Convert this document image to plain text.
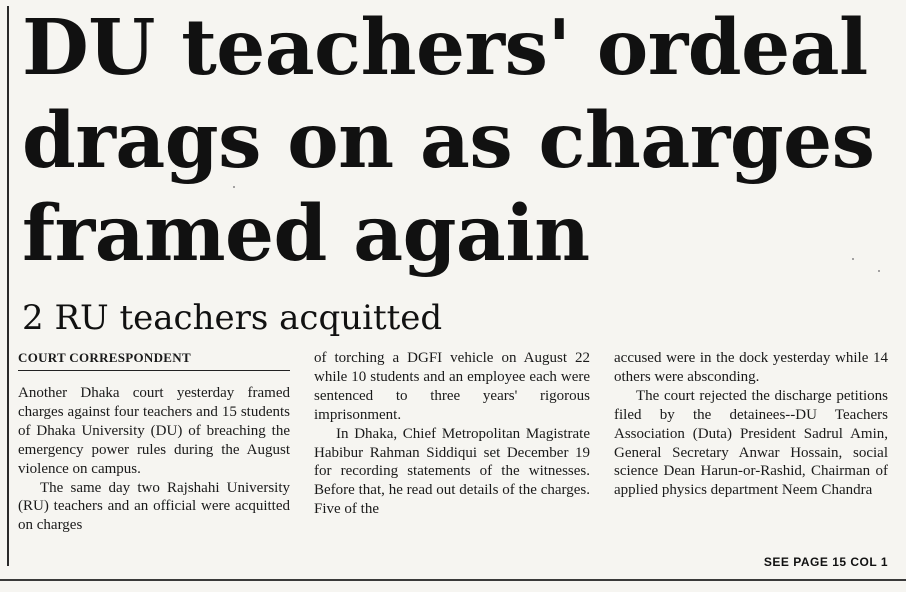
DU teachers' ordeal
drags on as charges
framed again
2 RU teachers acquitted

COURT CORRESPONDENT

Another Dhaka court yesterday framed charges against four teachers and 15 students of Dhaka University (DU) of breaching the emergency power rules during the August violence on campus.

The same day two Rajshahi University (RU) teachers and an official were acquitted on charges

of torching a DGFI vehicle on August 22 while 10 students and an employee each were sentenced to three years' rigorous imprisonment.

In Dhaka, Chief Metropolitan Magistrate Habibur Rahman Siddiqui set December 19 for recording statements of the witnesses. Before that, he read out details of the charges. Five of the

accused were in the dock yesterday while 14 others were absconding.

The court rejected the discharge petitions filed by the detainees--DU Teachers Association (Duta) President Sadrul Amin, General Secretary Anwar Hossain, social science Dean Harun-or-Rashid, Chairman of applied physics department Neem Chandra

SEE PAGE 15 COL 1
